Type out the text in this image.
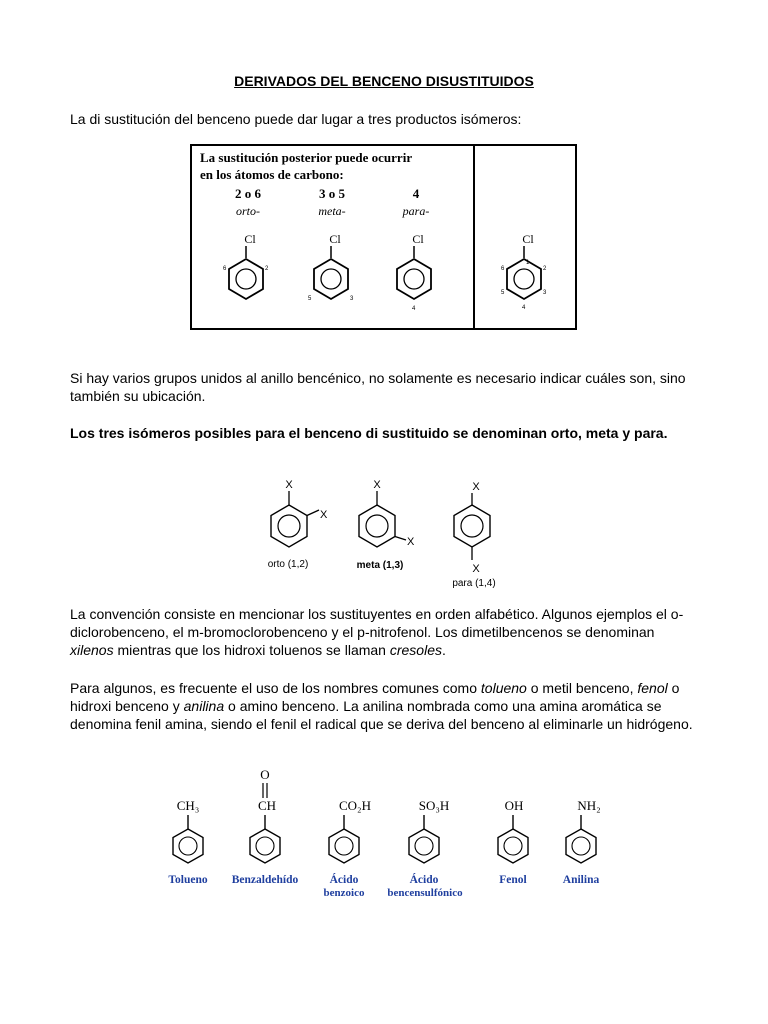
DERIVADOS DEL BENCENO DISUSTITUIDOS

La di sustitución del benceno puede dar lugar a tres productos isómeros:

La sustitución posterior puede ocurrir
en los átomos de carbono:
2 o 6
orto-
3 o 5
meta-
4
para-
Cl
6	2
Cl
5	3
Cl
4
Cl
1
2
3
4
5
6

Si hay varios grupos unidos al anillo bencénico, no solamente es necesario indicar cuáles son, sino también su ubicación.

Los tres isómeros posibles para el benceno di sustituido se denominan orto, meta y para.

X
X
orto (1,2)
X
X
meta (1,3)
X
X
para (1,4)

La convención consiste en mencionar los sustituyentes en orden alfabético. Algunos ejemplos el o-diclorobenceno, el m-bromoclorobenceno y el p-nitrofenol. Los dimetilbencenos se denominan xilenos mientras que los hidroxi toluenos se llaman cresoles.

Para algunos, es frecuente el uso de los nombres comunes como tolueno o metil benceno, fenol o hidroxi benceno y anilina o amino benceno. La anilina nombrada como una amina aromática se denomina fenil amina, siendo el fenil el radical que se deriva del benceno al eliminarle un hidrógeno.

CH₃
Tolueno
O
CH
Benzaldehído
CO₂H
Ácido
benzoico
SO₃H
Ácido
bencensulfónico
OH
Fenol
NH₂
Anilina
